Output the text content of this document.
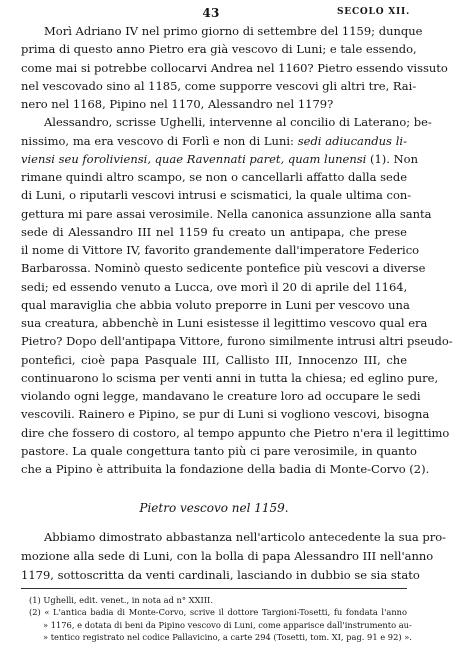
43	SECOLO XII.
Morì Adriano IV nel primo giorno di settembre del 1159; dunque
prima di questo anno Pietro era già vescovo di Luni; e tale essendo,
come mai si potrebbe collocarvi Andrea nel 1160? Pietro essendo vissuto
nel vescovado sino al 1185, come supporre vescovi gli altri tre, Rai-
nero nel 1168, Pipino nel 1170, Alessandro nel 1179?
Alessandro, scrisse Ughelli, intervenne al concilio di Laterano; be-
nissimo, ma era vescovo di Forlì e non di Luni: sedi adiucandus li-
viensi seu foroliviensi, quae Ravennati paret, quam lunensi (1). Non
rimane quindi altro scampo, se non o cancellarli affatto dalla sede
di Luni, o riputarli vescovi intrusi e scismatici, la quale ultima con-
gettura mi pare assai verosimile. Nella canonica assunzione alla santa
sede di Alessandro III nel 1159 fu creato un antipapa, che prese
il nome di Vittore IV, favorito grandemente dall'imperatore Federico
Barbarossa. Nominò questo sedicente pontefice più vescovi a diverse
sedi; ed essendo venuto a Lucca, ove morì il 20 di aprile del 1164,
qual maraviglia che abbia voluto preporre in Luni per vescovo una
sua creatura, abbenchè in Luni esistesse il legittimo vescovo qual era
Pietro? Dopo dell'antipapa Vittore, furono similmente intrusi altri pseudo-
pontefici, cioè papa Pasquale III, Callisto III, Innocenzo III, che
continuarono lo scisma per venti anni in tutta la chiesa; ed eglino pure,
violando ogni legge, mandavano le creature loro ad occupare le sedi
vescovili. Rainero e Pipino, se pur di Luni si vogliono vescovi, bisogna
dire che fossero di costoro, al tempo appunto che Pietro n'era il legittimo
pastore. La quale congettura tanto più ci pare verosimile, in quanto
che a Pipino è attribuita la fondazione della badia di Monte-Corvo (2).
Pietro vescovo nel 1159.
Abbiamo dimostrato abbastanza nell'articolo antecedente la sua pro-
mozione alla sede di Luni, con la bolla di papa Alessandro III nell'anno
1179, sottoscritta da venti cardinali, lasciando in dubbio se sia stato
(1) Ughelli, edit. venet., in nota ad n° XXIII.
(2) « L'antica badia di Monte-Corvo, scrive il dottore Targioni-Tosetti, fu fondata l'anno
» 1176, e dotata di beni da Pipino vescovo di Luni, come apparisce dall'instrumento au-
» tentico registrato nel codice Pallavicino, a carte 294 (Tosetti, tom. XI, pag. 91 e 92) ».
